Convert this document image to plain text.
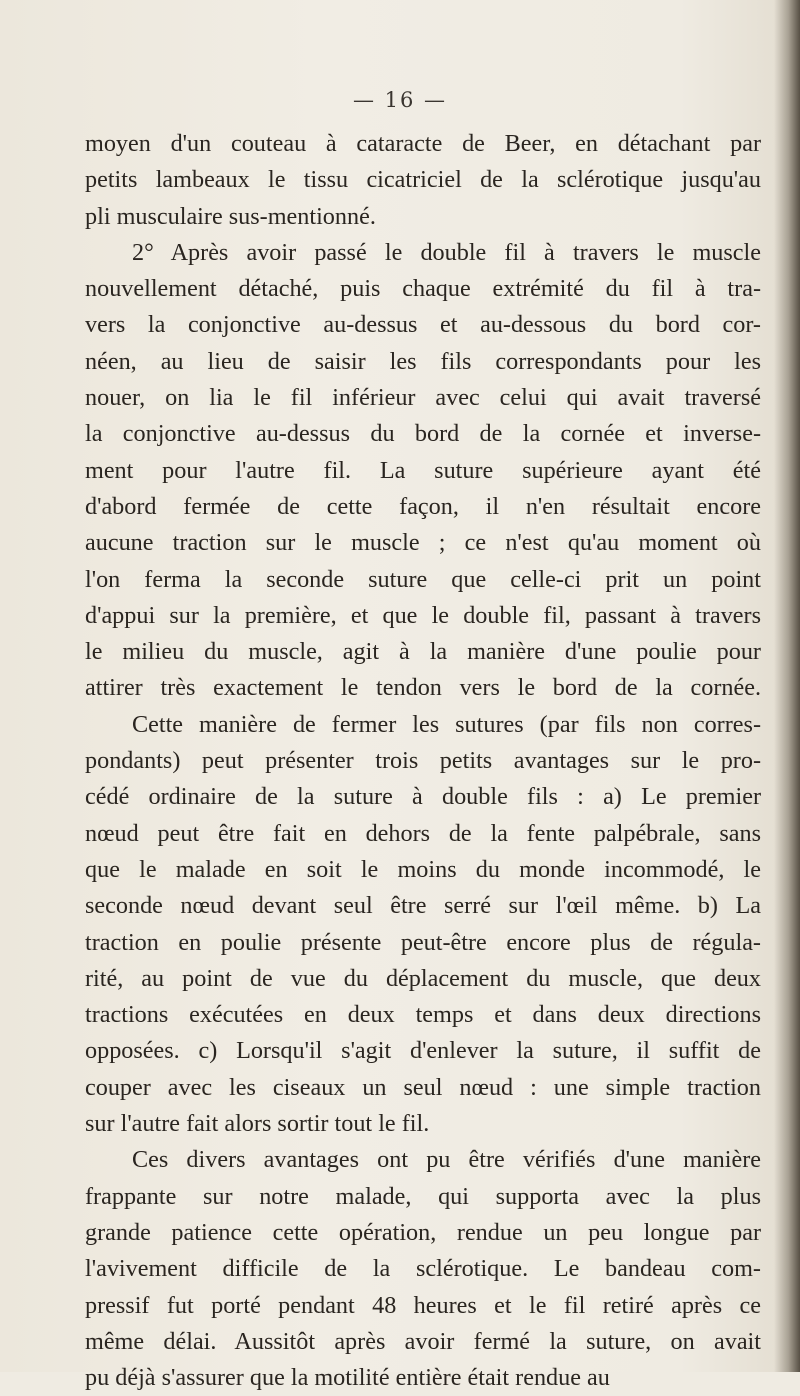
— 16 —
moyen d'un couteau à cataracte de Beer, en détachant par
petits lambeaux le tissu cicatriciel de la sclérotique jusqu'au
pli musculaire sus-mentionné.
2° Après avoir passé le double fil à travers le muscle
nouvellement détaché, puis chaque extrémité du fil à tra-
vers la conjonctive au-dessus et au-dessous du bord cor-
néen, au lieu de saisir les fils correspondants pour les
nouer, on lia le fil inférieur avec celui qui avait traversé
la conjonctive au-dessus du bord de la cornée et inverse-
ment pour l'autre fil. La suture supérieure ayant été
d'abord fermée de cette façon, il n'en résultait encore
aucune traction sur le muscle ; ce n'est qu'au moment où
l'on ferma la seconde suture que celle-ci prit un point
d'appui sur la première, et que le double fil, passant à travers
le milieu du muscle, agit à la manière d'une poulie pour
attirer très exactement le tendon vers le bord de la cornée.
Cette manière de fermer les sutures (par fils non corres-
pondants) peut présenter trois petits avantages sur le pro-
cédé ordinaire de la suture à double fils : a) Le premier
nœud peut être fait en dehors de la fente palpébrale, sans
que le malade en soit le moins du monde incommodé, le
seconde nœud devant seul être serré sur l'œil même. b) La
traction en poulie présente peut-être encore plus de régula-
rité, au point de vue du déplacement du muscle, que deux
tractions exécutées en deux temps et dans deux directions
opposées. c) Lorsqu'il s'agit d'enlever la suture, il suffit de
couper avec les ciseaux un seul nœud : une simple traction
sur l'autre fait alors sortir tout le fil.
Ces divers avantages ont pu être vérifiés d'une manière
frappante sur notre malade, qui supporta avec la plus
grande patience cette opération, rendue un peu longue par
l'avivement difficile de la sclérotique. Le bandeau com-
pressif fut porté pendant 48 heures et le fil retiré après ce
même délai. Aussitôt après avoir fermé la suture, on avait
pu déjà s'assurer que la motilité entière était rendue au
